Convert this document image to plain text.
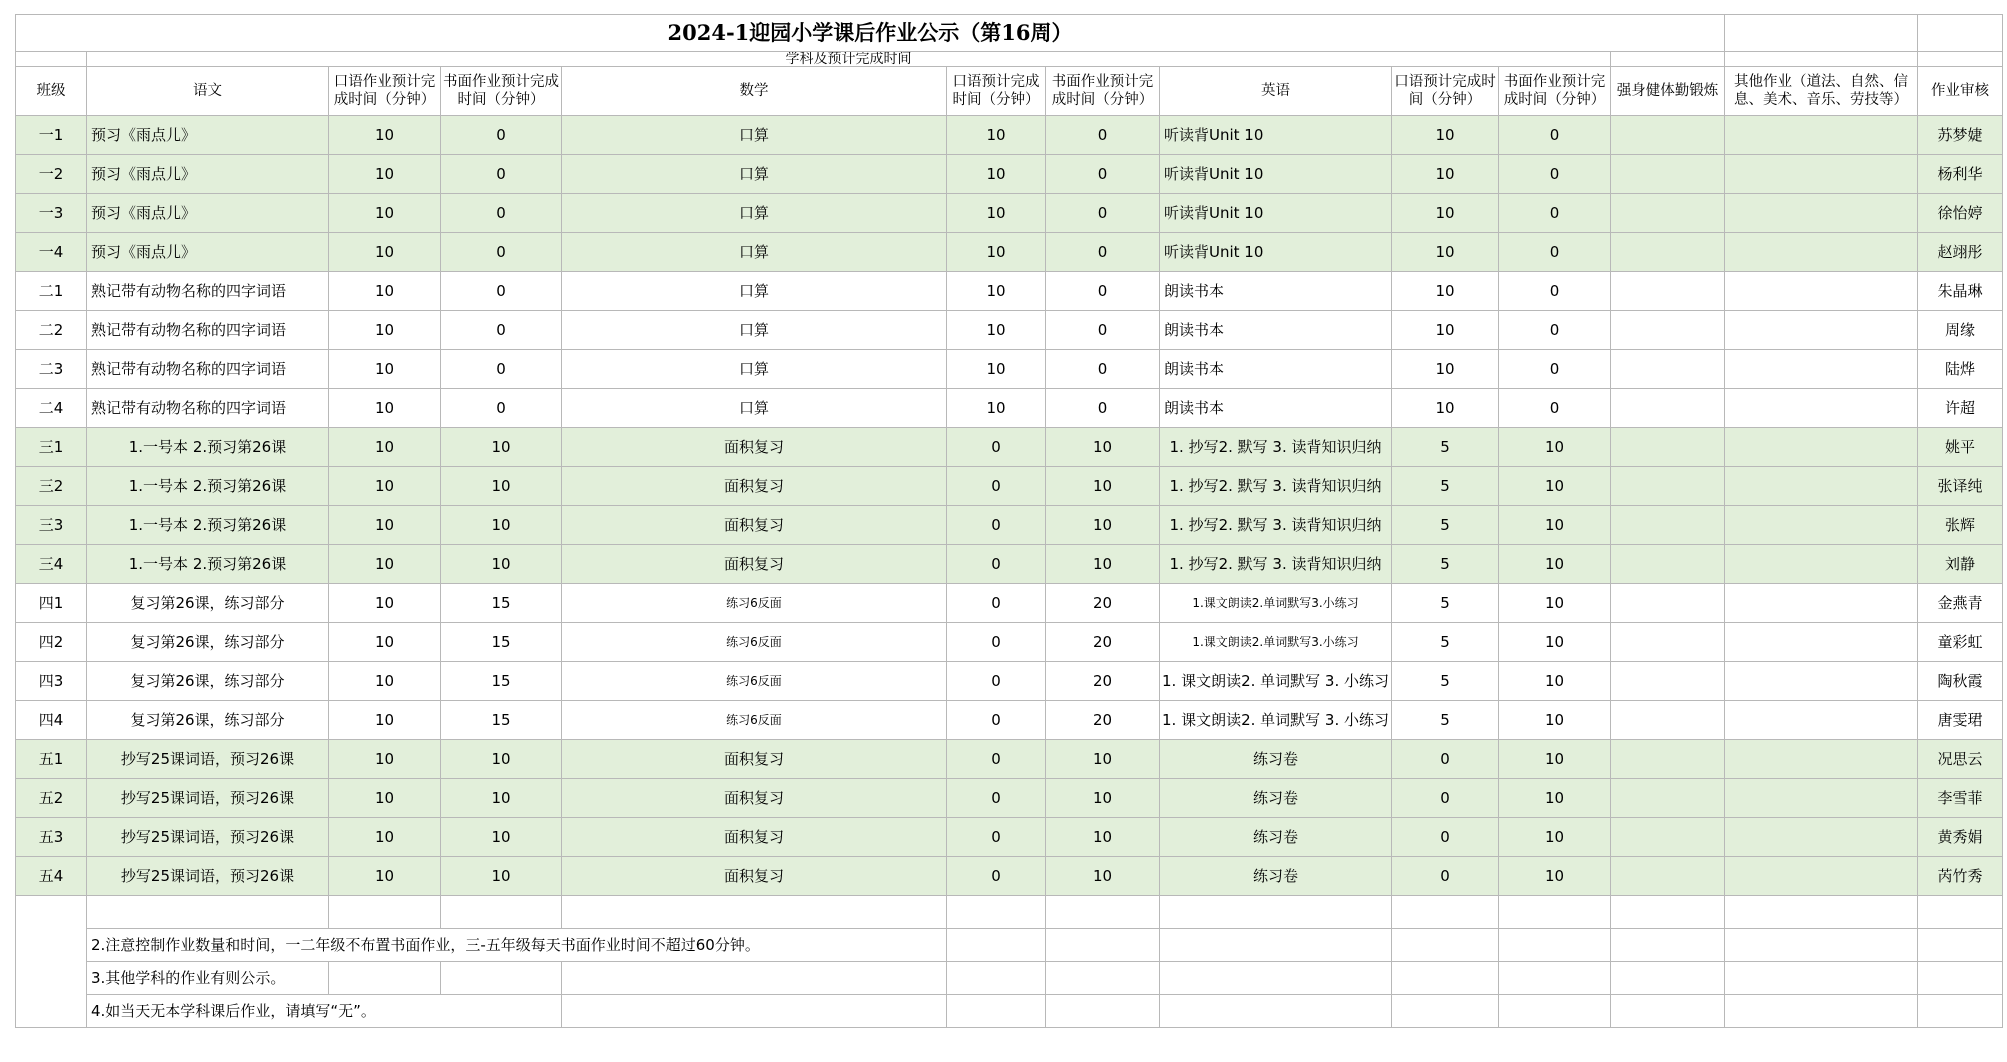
2024-1迎园小学课后作业公示（第16周）												
	学科及预计完成时间											
班级	语文	口语作业预计完成时间（分钟）	书面作业预计完成时间（分钟）	数学	口语预计完成时间（分钟）	书面作业预计完成时间（分钟）	英语	口语预计完成时间（分钟）	书面作业预计完成时间（分钟）	强身健体勤锻炼	其他作业（道法、自然、信息、美术、音乐、劳技等）	作业审核
一1	预习《雨点儿》	10	0	口算	10	0	听读背Unit 10	10	0			苏梦婕
一2	预习《雨点儿》	10	0	口算	10	0	听读背Unit 10	10	0			杨利华
一3	预习《雨点儿》	10	0	口算	10	0	听读背Unit 10	10	0			徐怡婷
一4	预习《雨点儿》	10	0	口算	10	0	听读背Unit 10	10	0			赵翊彤
二1	熟记带有动物名称的四字词语	10	0	口算	10	0	朗读书本	10	0			朱晶琳
二2	熟记带有动物名称的四字词语	10	0	口算	10	0	朗读书本	10	0			周缘
二3	熟记带有动物名称的四字词语	10	0	口算	10	0	朗读书本	10	0			陆烨
二4	熟记带有动物名称的四字词语	10	0	口算	10	0	朗读书本	10	0			许超
三1	1.一号本 2.预习第26课	10	10	面积复习	0	10	1. 抄写2. 默写 3. 读背知识归纳	5	10			姚平
三2	1.一号本 2.预习第26课	10	10	面积复习	0	10	1. 抄写2. 默写 3. 读背知识归纳	5	10			张译纯
三3	1.一号本 2.预习第26课	10	10	面积复习	0	10	1. 抄写2. 默写 3. 读背知识归纳	5	10			张辉
三4	1.一号本 2.预习第26课	10	10	面积复习	0	10	1. 抄写2. 默写 3. 读背知识归纳	5	10			刘静
四1	复习第26课，练习部分	10	15	练习6反面	0	20	1.课文朗读2.单词默写3.小练习	5	10			金燕青
四2	复习第26课，练习部分	10	15	练习6反面	0	20	1.课文朗读2.单词默写3.小练习	5	10			童彩虹
四3	复习第26课，练习部分	10	15	练习6反面	0	20	1. 课文朗读2. 单词默写 3. 小练习	5	10			陶秋霞
四4	复习第26课，练习部分	10	15	练习6反面	0	20	1. 课文朗读2. 单词默写 3. 小练习	5	10			唐雯珺
五1	抄写25课词语，预习26课	10	10	面积复习	0	10	练习卷	0	10			况思云
五2	抄写25课词语，预习26课	10	10	面积复习	0	10	练习卷	0	10			李雪菲
五3	抄写25课词语，预习26课	10	10	面积复习	0	10	练习卷	0	10			黄秀娟
五4	抄写25课词语，预习26课	10	10	面积复习	0	10	练习卷	0	10			芮竹秀

	2.注意控制作业数量和时间，一二年级不布置书面作业，三-五年级每天书面作业时间不超过60分钟。											
	3.其他学科的作业有则公示。											
	4.如当天无本学科课后作业，请填写“无”。											
